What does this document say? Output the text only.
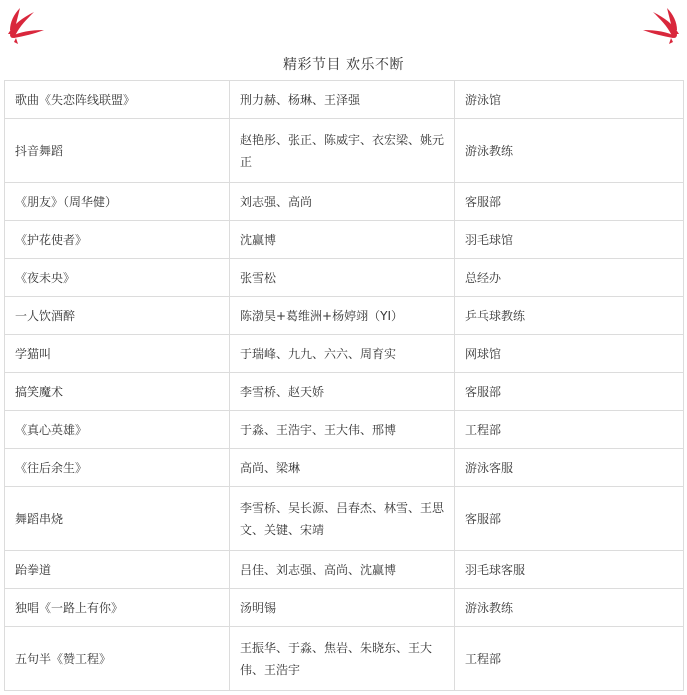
精彩节目 欢乐不断
歌曲《失恋阵线联盟》	刑力赫、杨琳、王泽强	游泳馆
抖音舞蹈	赵艳彤、张正、陈威宇、衣宏梁、姚元正	游泳教练
《朋友》（周华健）	刘志强、高尚	客服部
《护花使者》	沈赢博	羽毛球馆
《夜未央》	张雪松	总经办
一人饮酒醉	陈渤昊+葛维洲+杨婷翊（YI）	乒乓球教练
学猫叫	于瑞峰、九九、六六、周育实	网球馆
搞笑魔术	李雪桥、赵天娇	客服部
《真心英雄》	于淼、王浩宇、王大伟、邢博	工程部
《往后余生》	高尚、梁琳	游泳客服
舞蹈串烧	李雪桥、吴长源、吕春杰、林雪、王思文、关键、宋靖	客服部
跆拳道	吕佳、刘志强、高尚、沈赢博	羽毛球客服
独唱《一路上有你》	汤明锡	游泳教练
五句半《赞工程》	王振华、于淼、焦岩、朱晓东、王大伟、王浩宇	工程部
